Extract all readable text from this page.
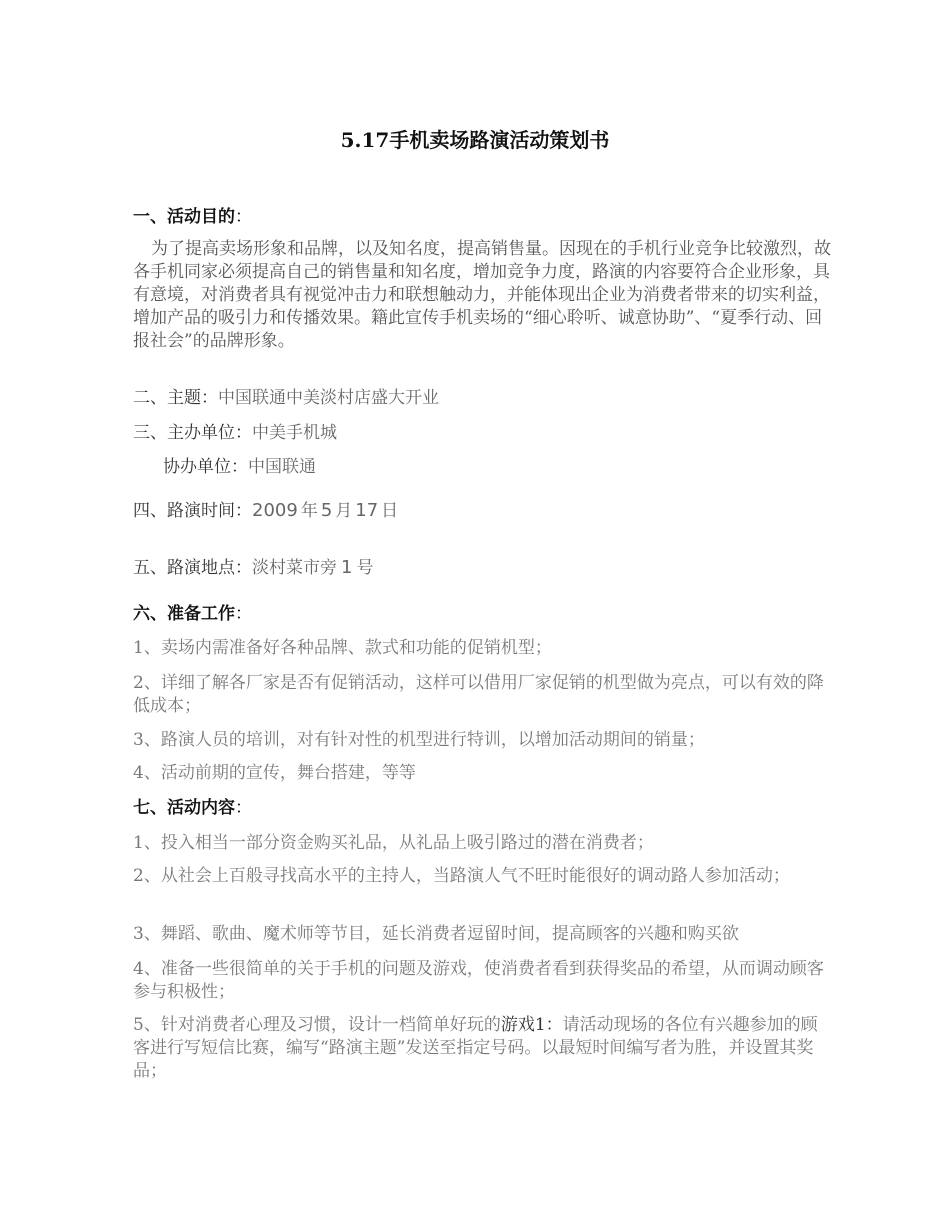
5.17手机卖场路演活动策划书
一、活动目的：
为了提高卖场形象和品牌，以及知名度，提高销售量。因现在的手机行业竞争比较激烈，故各手机同家必须提高自己的销售量和知名度，增加竞争力度，路演的内容要符合企业形象，具有意境，对消费者具有视觉冲击力和联想触动力，并能体现出企业为消费者带来的切实利益，增加产品的吸引力和传播效果。籍此宣传手机卖场的“细心聆听、诚意协助”、“夏季行动、回报社会”的品牌形象。
二、主题：中国联通中美淡村店盛大开业
三、主办单位：中美手机城
协办单位：中国联通
四、路演时间：2009 年 5 月 17 日
五、路演地点：淡村菜市旁 1 号
六、准备工作：
1、卖场内需准备好各种品牌、款式和功能的促销机型；
2、详细了解各厂家是否有促销活动，这样可以借用厂家促销的机型做为亮点，可以有效的降低成本；
3、路演人员的培训，对有针对性的机型进行特训，以增加活动期间的销量；
4、活动前期的宣传，舞台搭建，等等
七、活动内容：
1、投入相当一部分资金购买礼品，从礼品上吸引路过的潜在消费者；
2、从社会上百般寻找高水平的主持人，当路演人气不旺时能很好的调动路人参加活动；
3、舞蹈、歌曲、魔术师等节目，延长消费者逗留时间，提高顾客的兴趣和购买欲
4、准备一些很简单的关于手机的问题及游戏，使消费者看到获得奖品的希望，从而调动顾客参与积极性；
5、针对消费者心理及习惯，设计一档简单好玩的游戏1：请活动现场的各位有兴趣参加的顾客进行写短信比赛，编写“路演主题”发送至指定号码。以最短时间编写者为胜，并设置其奖品；
